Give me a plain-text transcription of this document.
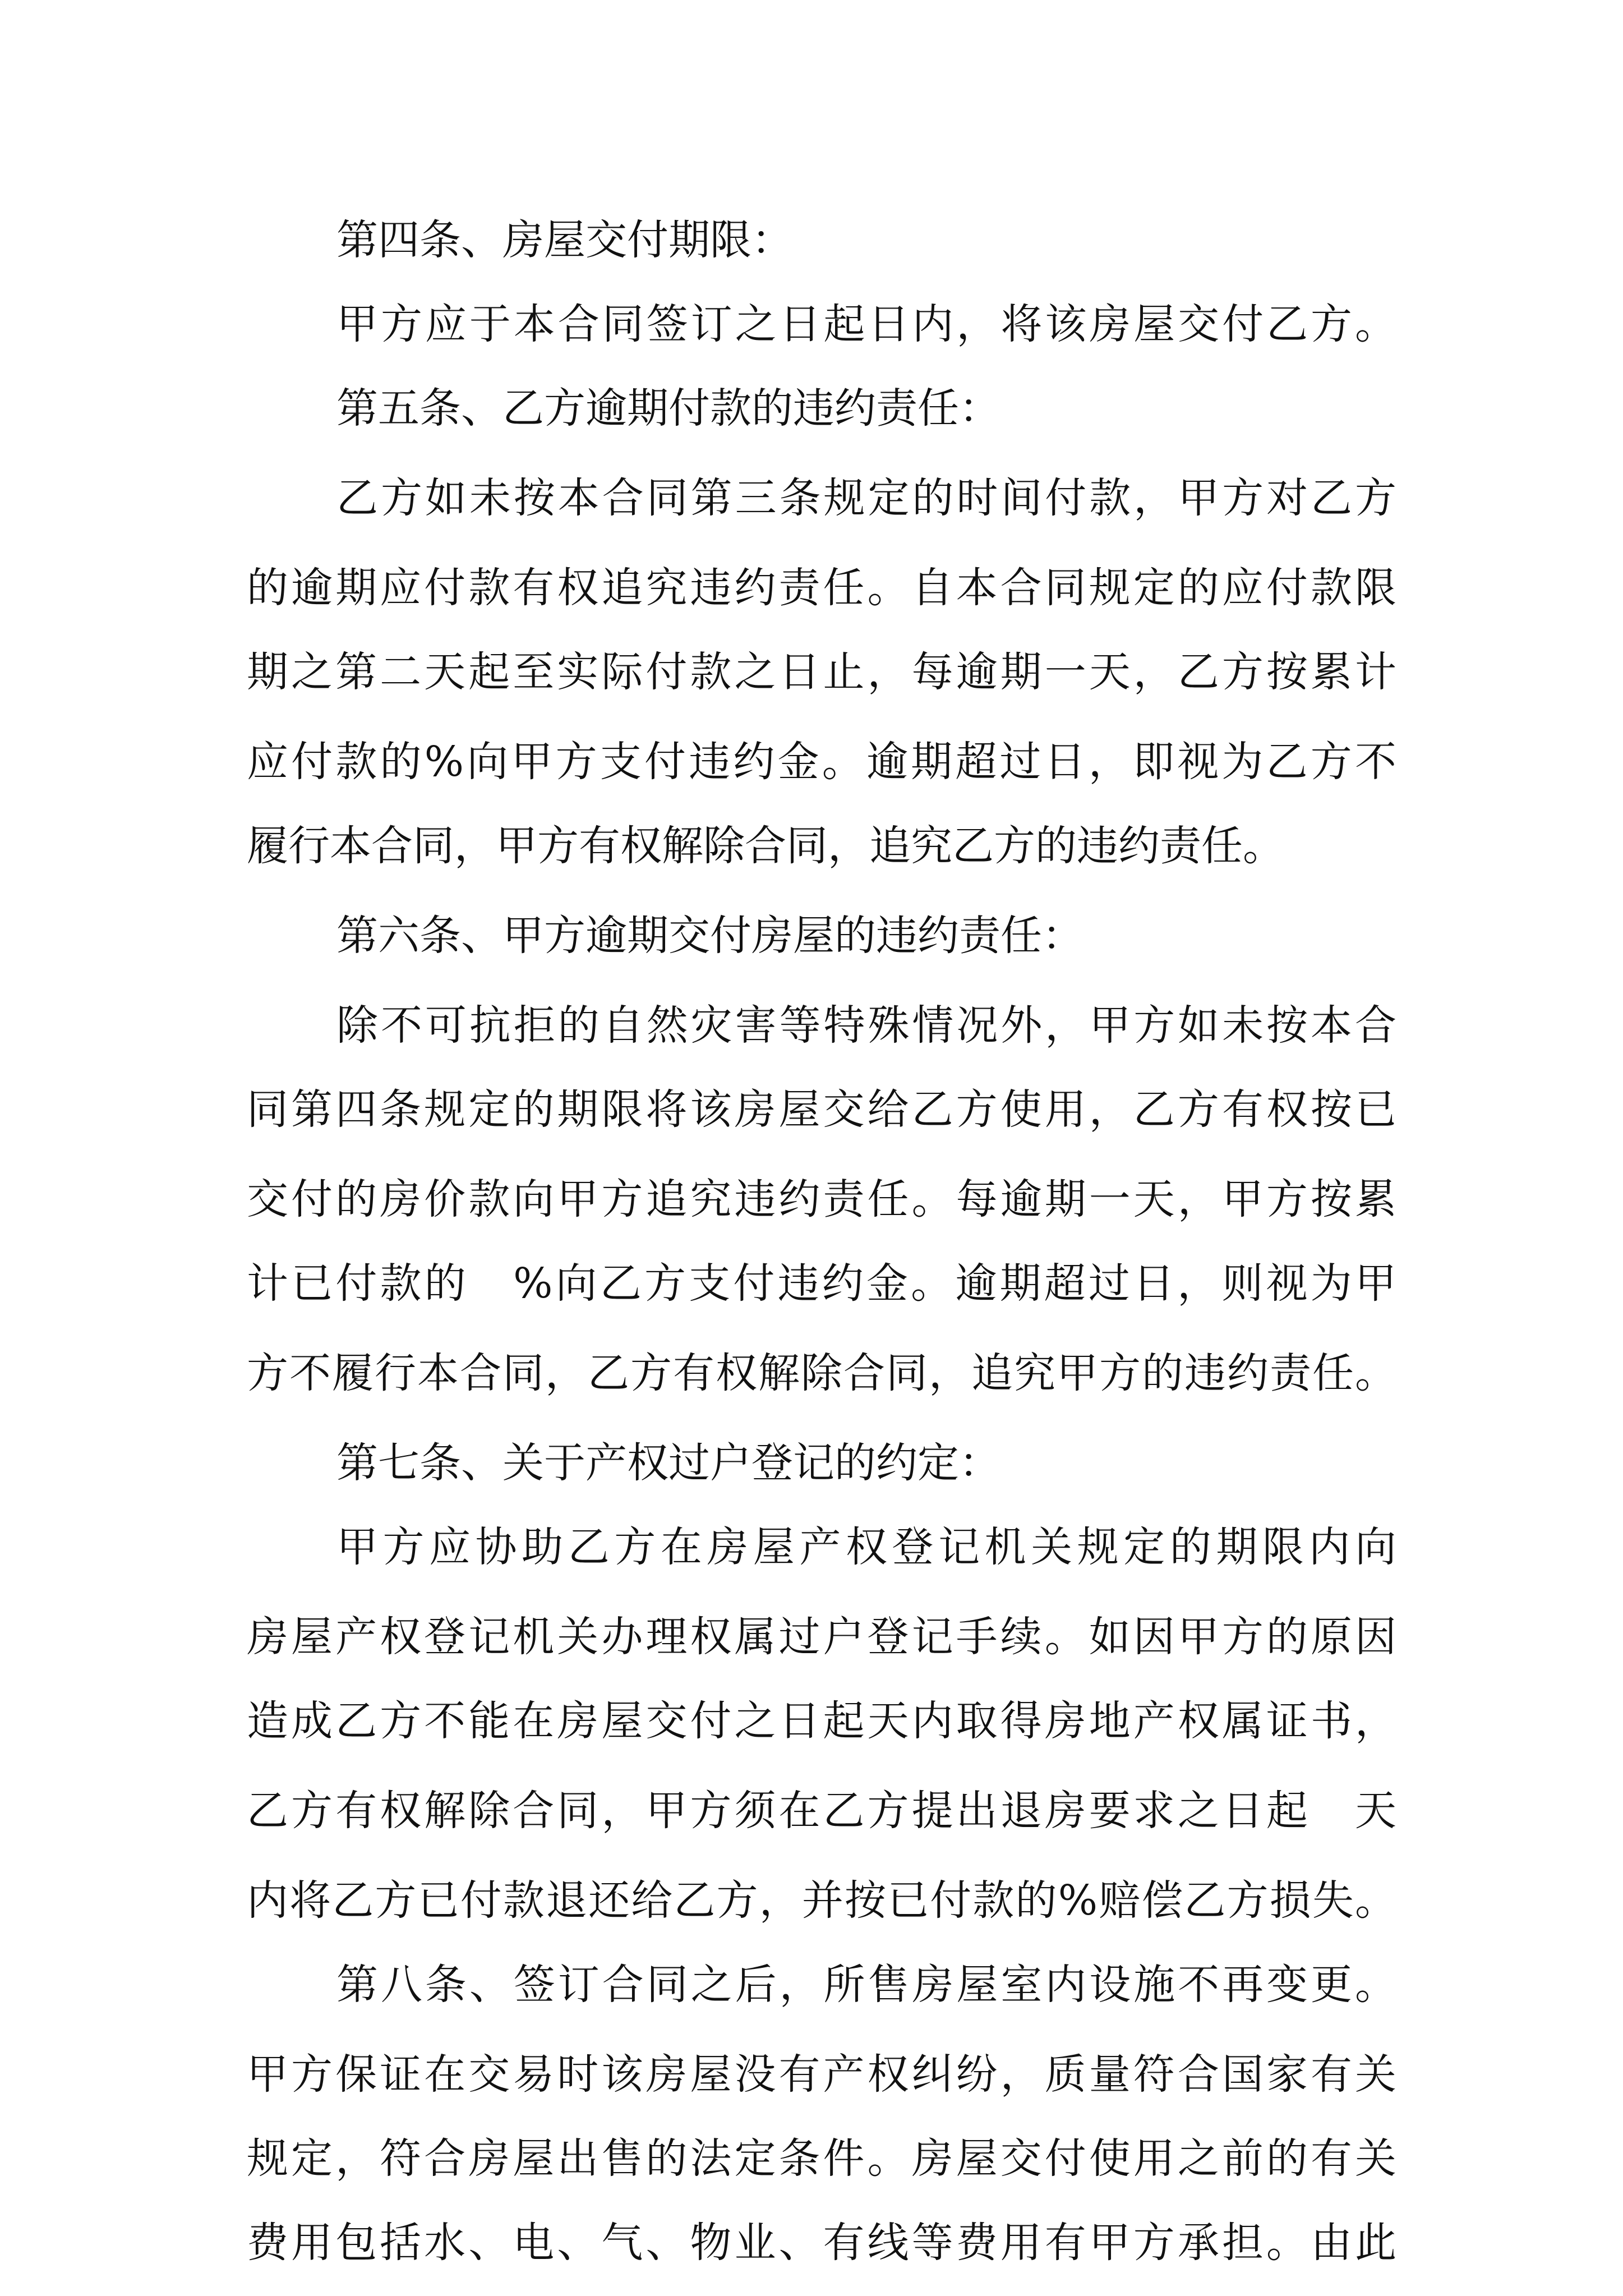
第四条、房屋交付期限：

甲方应于本合同签订之日起日内，将该房屋交付乙方。

第五条、乙方逾期付款的违约责任：

乙方如未按本合同第三条规定的时间付款，甲方对乙方

的逾期应付款有权追究违约责任。自本合同规定的应付款限

期之第二天起至实际付款之日止，每逾期一天，乙方按累计

应付款的%向甲方支付违约金。逾期超过日，即视为乙方不

履行本合同，甲方有权解除合同，追究乙方的违约责任。

第六条、甲方逾期交付房屋的违约责任：

除不可抗拒的自然灾害等特殊情况外，甲方如未按本合

同第四条规定的期限将该房屋交给乙方使用，乙方有权按已

交付的房价款向甲方追究违约责任。每逾期一天，甲方按累

计已付款的　%向乙方支付违约金。逾期超过日，则视为甲

方不履行本合同，乙方有权解除合同，追究甲方的违约责任。

第七条、关于产权过户登记的约定：

甲方应协助乙方在房屋产权登记机关规定的期限内向

房屋产权登记机关办理权属过户登记手续。如因甲方的原因

造成乙方不能在房屋交付之日起天内取得房地产权属证书，

乙方有权解除合同，甲方须在乙方提出退房要求之日起　天

内将乙方已付款退还给乙方，并按已付款的%赔偿乙方损失。

第八条、签订合同之后，所售房屋室内设施不再变更。

甲方保证在交易时该房屋没有产权纠纷，质量符合国家有关

规定，符合房屋出售的法定条件。房屋交付使用之前的有关

费用包括水、电、气、物业、有线等费用有甲方承担。由此
